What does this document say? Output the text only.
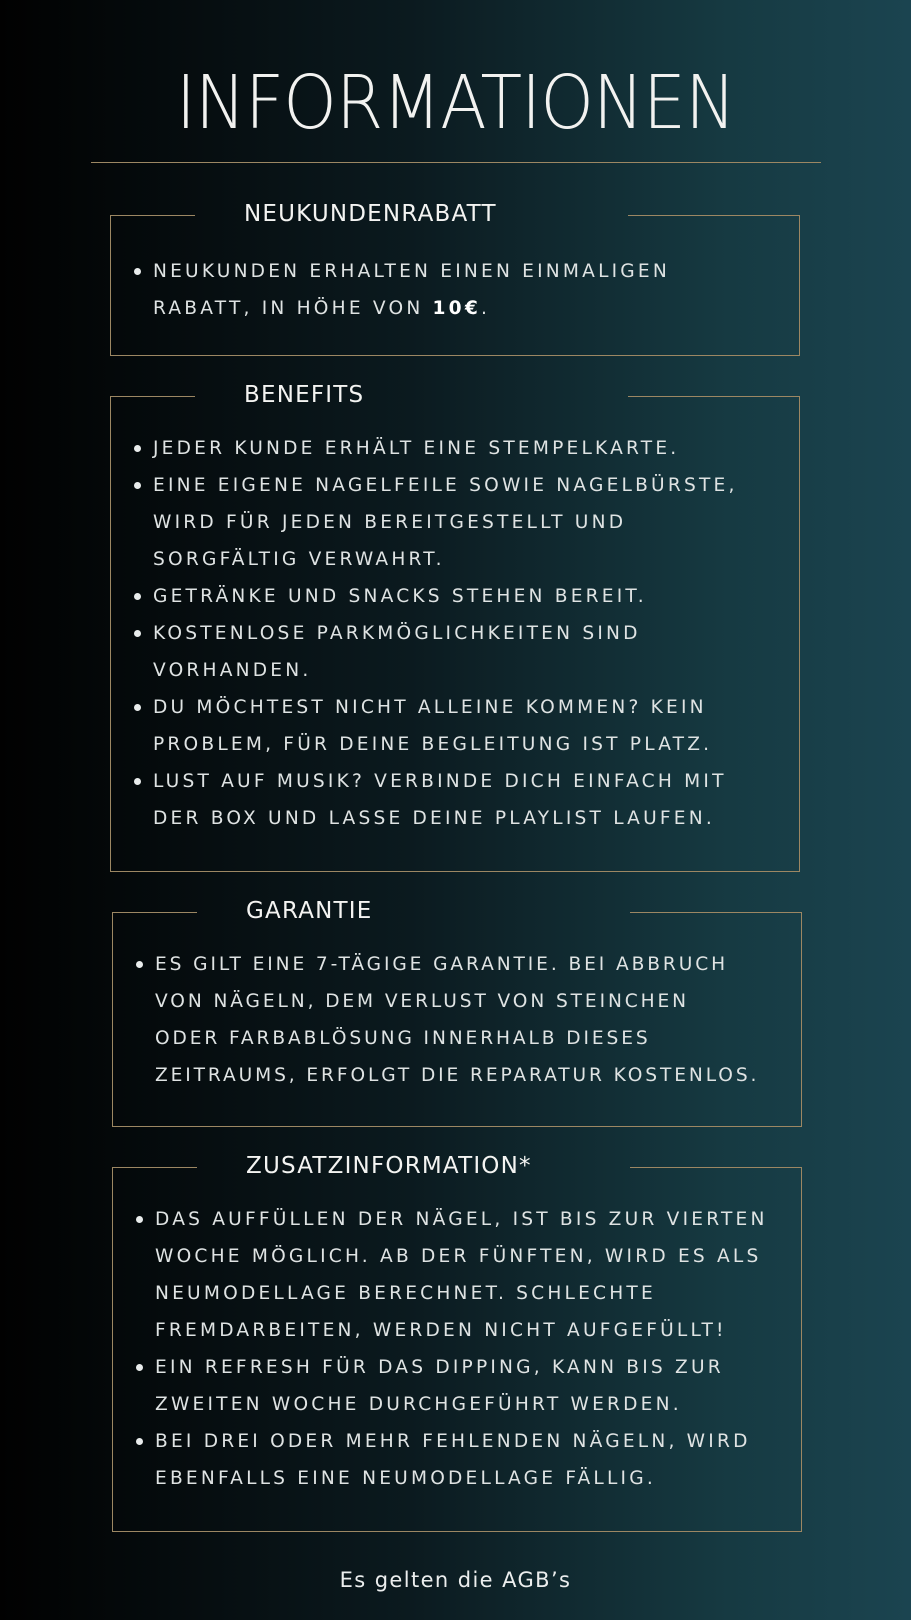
INFORMATIONEN
NEUKUNDENRABATT
NEUKUNDEN ERHALTEN EINEN EINMALIGEN
RABATT, IN HÖHE VON 10€.
BENEFITS
JEDER KUNDE ERHÄLT EINE STEMPELKARTE.
EINE EIGENE NAGELFEILE SOWIE NAGELBÜRSTE,
WIRD FÜR JEDEN BEREITGESTELLT UND
SORGFÄLTIG VERWAHRT.
GETRÄNKE UND SNACKS STEHEN BEREIT.
KOSTENLOSE PARKMÖGLICHKEITEN SIND
VORHANDEN.
DU MÖCHTEST NICHT ALLEINE KOMMEN? KEIN
PROBLEM, FÜR DEINE BEGLEITUNG IST PLATZ.
LUST AUF MUSIK? VERBINDE DICH EINFACH MIT
DER BOX UND LASSE DEINE PLAYLIST LAUFEN.
GARANTIE
ES GILT EINE 7-TÄGIGE GARANTIE. BEI ABBRUCH
VON NÄGELN, DEM VERLUST VON STEINCHEN
ODER FARBABLÖSUNG INNERHALB DIESES
ZEITRAUMS, ERFOLGT DIE REPARATUR KOSTENLOS.
ZUSATZINFORMATION*
DAS AUFFÜLLEN DER NÄGEL, IST BIS ZUR VIERTEN
WOCHE MÖGLICH. AB DER FÜNFTEN, WIRD ES ALS
NEUMODELLAGE BERECHNET. SCHLECHTE
FREMDARBEITEN, WERDEN NICHT AUFGEFÜLLT!
EIN REFRESH FÜR DAS DIPPING, KANN BIS ZUR
ZWEITEN WOCHE DURCHGEFÜHRT WERDEN.
BEI DREI ODER MEHR FEHLENDEN NÄGELN, WIRD
EBENFALLS EINE NEUMODELLAGE FÄLLIG.
Es gelten die AGB’s
